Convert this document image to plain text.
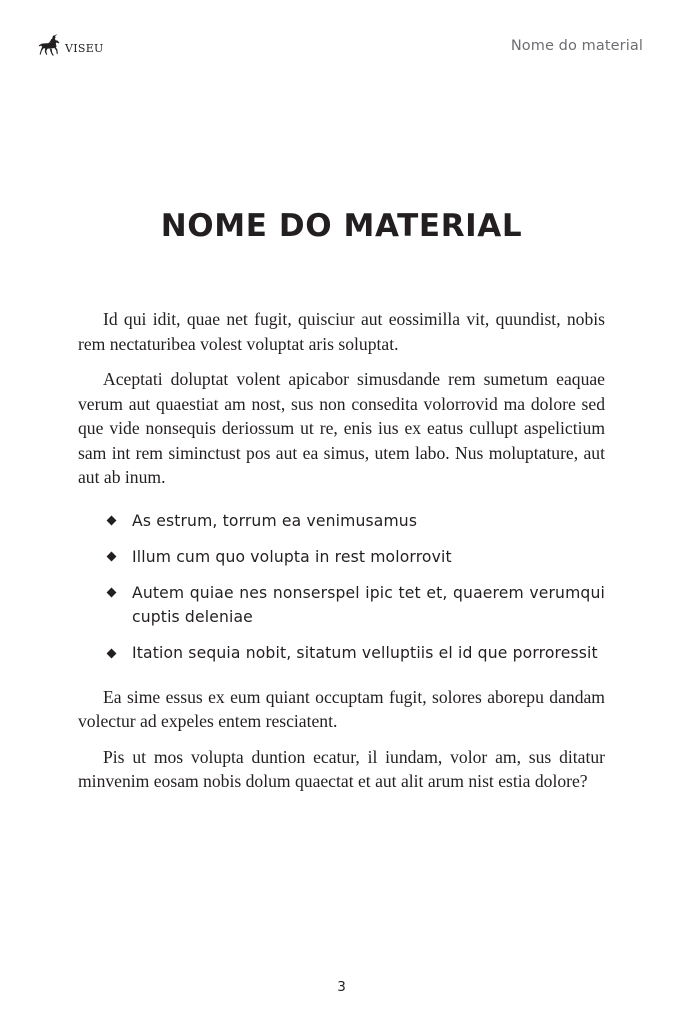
VISEU	Nome do material
NOME DO MATERIAL

Id qui idit, quae net fugit, quisciur aut eossimilla vit, quundist, nobis rem nectaturibea volest voluptat aris soluptat.

Aceptati doluptat volent apicabor simusdande rem sumetum eaquae verum aut quaestiat am nost, sus non consedita volorrovid ma dolore sed que vide nonsequis deriossum ut re, enis ius ex eatus cullupt aspelictium sam int rem siminctust pos aut ea simus, utem labo. Nus moluptature, aut aut ab inum.

As estrum, torrum ea venimusamus
Illum cum quo volupta in rest molorrovit
Autem quiae nes nonserspel ipic tet et, quaerem verumqui cuptis deleniae
Itation sequia nobit, sitatum velluptiis el id que porroressit

Ea sime essus ex eum quiant occuptam fugit, solores aborepu dandam volectur ad expeles entem resciatent.

Pis ut mos volupta duntion ecatur, il iundam, volor am, sus ditatur minvenim eosam nobis dolum quaectat et aut alit arum nist estia dolore?

3
